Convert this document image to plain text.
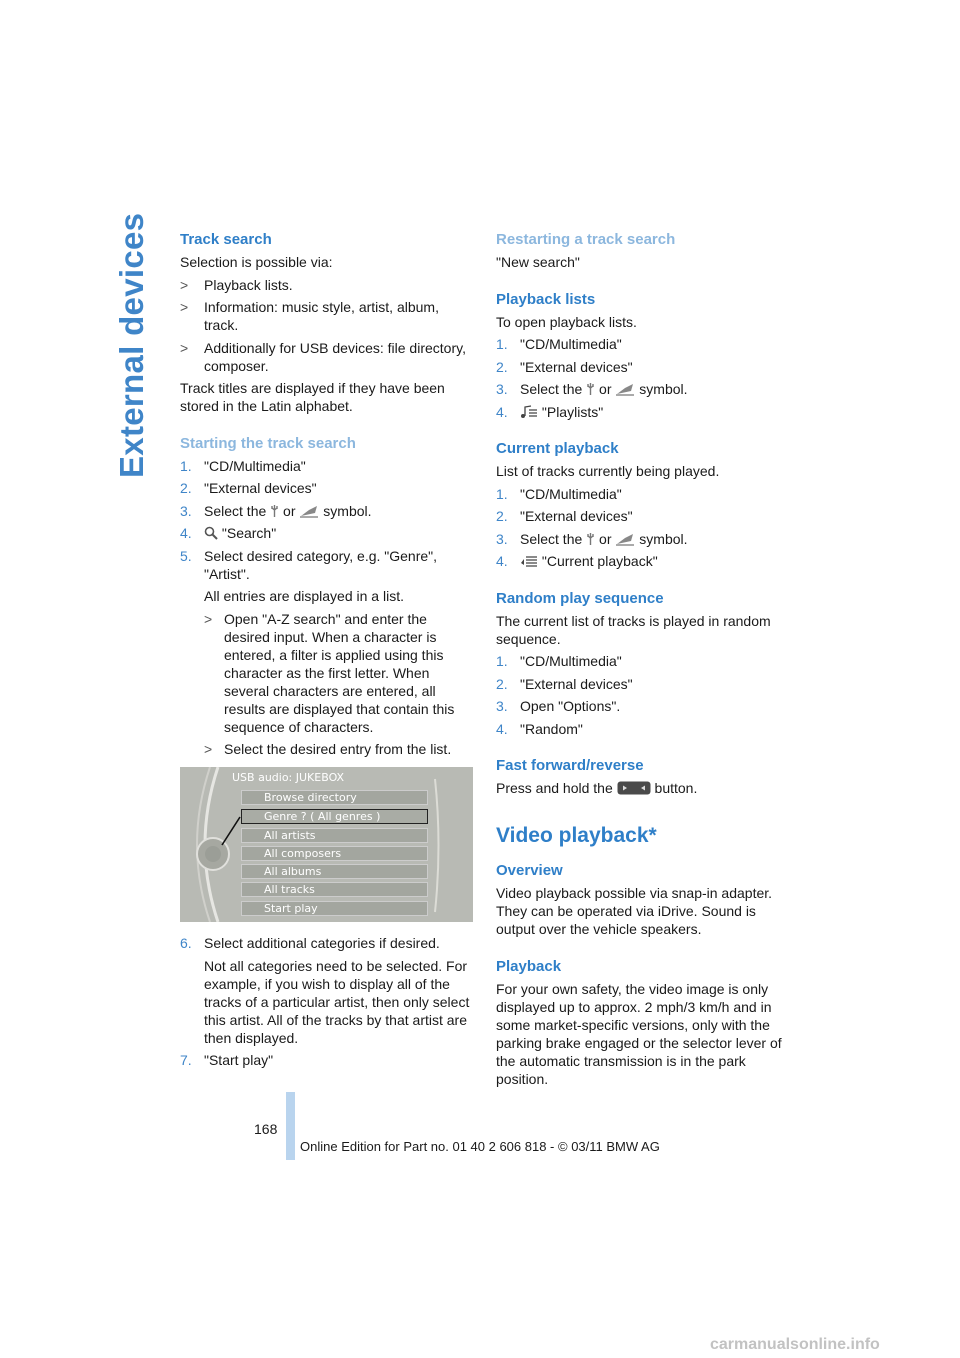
External devices Track search

Selection is possible via:

>	Playback lists.
>	Information: music style, artist, album, track.
>	Additionally for USB devices: file directory, composer.

Track titles are displayed if they have been stored in the Latin alphabet.

Starting the track search
1. "CD/Multimedia"
2. "External devices"
3. Select the or symbol.
4.	"Search"
5. Select desired category, e.g. "Genre", "Artist".

All entries are displayed in a list.

> Open "A-Z search" and enter the desired input. When a character is entered, a filter is applied using this character as the first letter. When several characters are entered, all results are displayed that contain this sequence of characters.
> Select the desired entry from the list.
USB audio: JUKEBOX
Browse directory
Genre ? ( All genres )
All artists
All composers
All albums
All tracks
Start play
6. Select additional categories if desired.

Not all categories need to be selected. For example, if you wish to display all of the tracks of a particular artist, then only select this artist. All of the tracks by that artist are then displayed.

7. "Start play"
Restarting a track search

"New search"

Playback lists

To open playback lists.

1. "CD/Multimedia"
2. "External devices"
3. Select the or symbol.
4.	"Playlists"
Current playback

List of tracks currently being played.

1. "CD/Multimedia"
2. "External devices"
3. Select the or symbol.
4.	"Current playback"
Random play sequence

The current list of tracks is played in random sequence.

1. "CD/Multimedia"
2. "External devices"
3. Open "Options".
4. "Random"
Fast forward/reverse

Press and hold the	button.

Video playback*
Overview

Video playback possible via snap-in adapter. They can be operated via iDrive. Sound is output over the vehicle speakers.

Playback

For your own safety, the video image is only displayed up to approx. 2 mph/3 km/h and in some market-specific versions, only with the parking brake engaged or the selector lever of the automatic transmission is in the park position.

168
Online Edition for Part no. 01 40 2 606 818 - © 03/11 BMW AG
carmanualsonline.info
